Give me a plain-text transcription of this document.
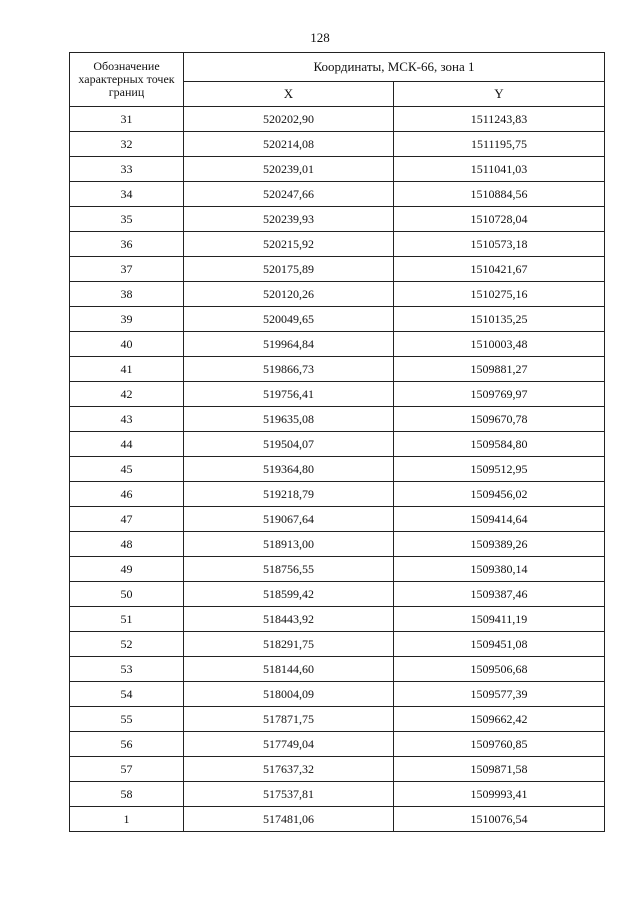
128
Обозначение характерных точек границ	Координаты, МСК-66, зона 1	
	X	Y
31	520202,90	1511243,83
32	520214,08	1511195,75
33	520239,01	1511041,03
34	520247,66	1510884,56
35	520239,93	1510728,04
36	520215,92	1510573,18
37	520175,89	1510421,67
38	520120,26	1510275,16
39	520049,65	1510135,25
40	519964,84	1510003,48
41	519866,73	1509881,27
42	519756,41	1509769,97
43	519635,08	1509670,78
44	519504,07	1509584,80
45	519364,80	1509512,95
46	519218,79	1509456,02
47	519067,64	1509414,64
48	518913,00	1509389,26
49	518756,55	1509380,14
50	518599,42	1509387,46
51	518443,92	1509411,19
52	518291,75	1509451,08
53	518144,60	1509506,68
54	518004,09	1509577,39
55	517871,75	1509662,42
56	517749,04	1509760,85
57	517637,32	1509871,58
58	517537,81	1509993,41
1	517481,06	1510076,54
